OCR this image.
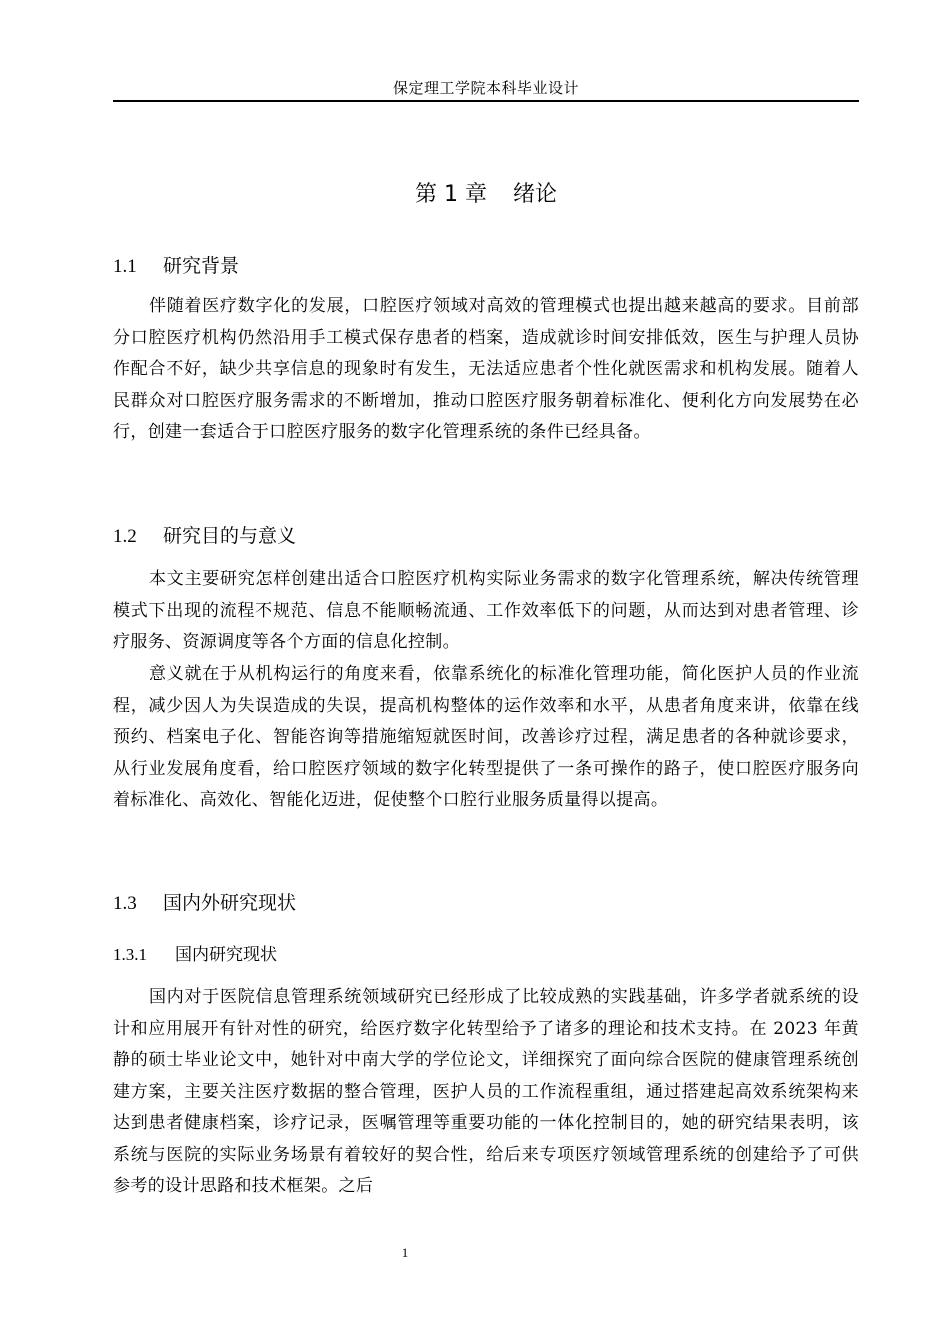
保定理工学院本科毕业设计
第 1 章 绪论
1.1 研究背景

伴随着医疗数字化的发展，口腔医疗领域对高效的管理模式也提出越来越高的要求。目前部分口腔医疗机构仍然沿用手工模式保存患者的档案，造成就诊时间安排低效，医生与护理人员协作配合不好，缺少共享信息的现象时有发生，无法适应患者个性化就医需求和机构发展。随着人民群众对口腔医疗服务需求的不断增加，推动口腔医疗服务朝着标准化、便利化方向发展势在必行，创建一套适合于口腔医疗服务的数字化管理系统的条件已经具备。

1.2 研究目的与意义

本文主要研究怎样创建出适合口腔医疗机构实际业务需求的数字化管理系统，解决传统管理模式下出现的流程不规范、信息不能顺畅流通、工作效率低下的问题，从而达到对患者管理、诊疗服务、资源调度等各个方面的信息化控制。

意义就在于从机构运行的角度来看，依靠系统化的标准化管理功能，简化医护人员的作业流程，减少因人为失误造成的失误，提高机构整体的运作效率和水平，从患者角度来讲，依靠在线预约、档案电子化、智能咨询等措施缩短就医时间，改善诊疗过程，满足患者的各种就诊要求，从行业发展角度看，给口腔医疗领域的数字化转型提供了一条可操作的路子，使口腔医疗服务向着标准化、高效化、智能化迈进，促使整个口腔行业服务质量得以提高。

1.3 国内外研究现状
1.3.1 国内研究现状

国内对于医院信息管理系统领域研究已经形成了比较成熟的实践基础，许多学者就系统的设计和应用展开有针对性的研究，给医疗数字化转型给予了诸多的理论和技术支持。在 2023 年黄静的硕士毕业论文中，她针对中南大学的学位论文，详细探究了面向综合医院的健康管理系统创建方案，主要关注医疗数据的整合管理，医护人员的工作流程重组，通过搭建起高效系统架构来达到患者健康档案，诊疗记录，医嘱管理等重要功能的一体化控制目的，她的研究结果表明，该系统与医院的实际业务场景有着较好的契合性，给后来专项医疗领域管理系统的创建给予了可供参考的设计思路和技术框架。之后

1
